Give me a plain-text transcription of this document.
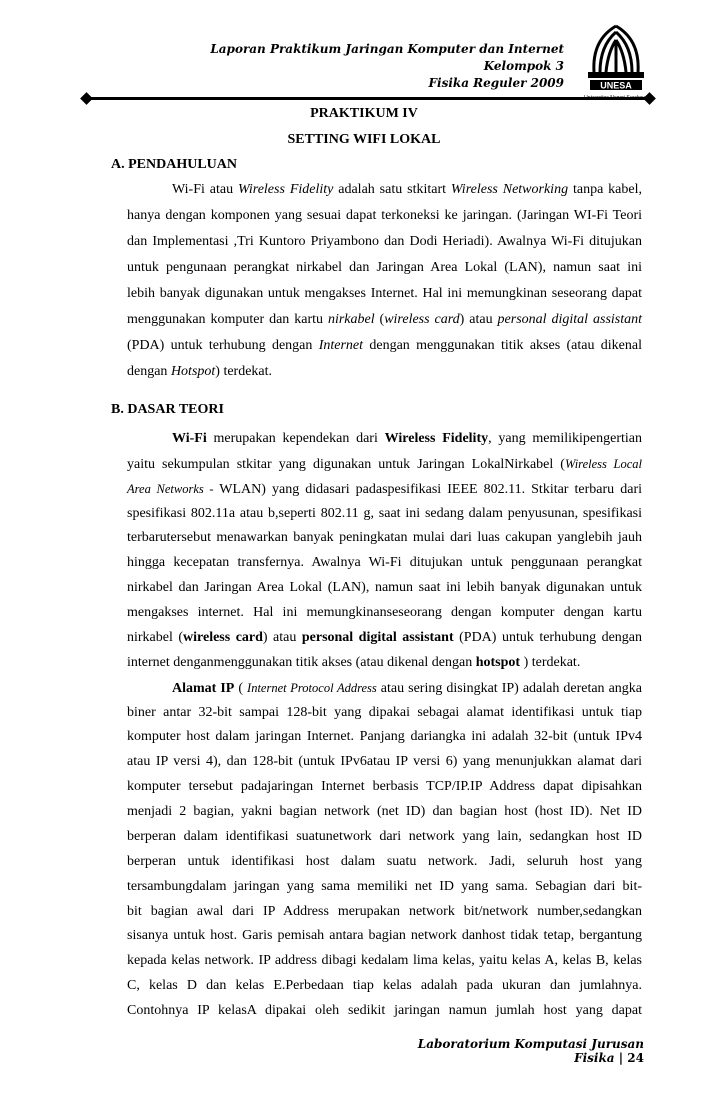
Laporan Praktikum Jaringan Komputer dan Internet
Kelompok 3
Fisika Reguler 2009	UNESA
PRAKTIKUM IV
SETTING WIFI LOKAL
A. PENDAHULUAN
Wi-Fi atau Wireless Fidelity adalah satu stkitart Wireless Networking tanpa kabel,
hanya dengan komponen yang sesuai dapat terkoneksi ke jaringan. (Jaringan WI-Fi Teori
dan Implementasi ,Tri Kuntoro Priyambono dan Dodi Heriadi). Awalnya Wi-Fi ditujukan
untuk pengunaan perangkat nirkabel dan Jaringan Area Lokal (LAN), namun saat ini
lebih banyak digunakan untuk mengakses Internet. Hal ini memungkinan seseorang dapat
menggunakan komputer dan kartu nirkabel (wireless card) atau personal digital assistant
(PDA) untuk terhubung dengan Internet dengan menggunakan titik akses (atau dikenal
dengan Hotspot) terdekat.
B. DASAR TEORI
Wi-Fi merupakan kependekan dari Wireless Fidelity, yang memilikipengertian
yaitu sekumpulan stkitar yang digunakan untuk Jaringan LokalNirkabel (Wireless Local
Area Networks - WLAN) yang didasari padaspesifikasi IEEE 802.11. Stkitar terbaru dari
spesifikasi 802.11a atau b,seperti 802.11 g, saat ini sedang dalam penyusunan, spesifikasi
terbarutersebut menawarkan banyak peningkatan mulai dari luas cakupan yanglebih jauh
hingga kecepatan transfernya. Awalnya Wi-Fi ditujukan untuk penggunaan perangkat
nirkabel dan Jaringan Area Lokal (LAN), namun saat ini lebih banyak digunakan untuk
mengakses internet. Hal ini memungkinanseseorang dengan komputer dengan kartu
nirkabel (wireless card) atau personal digital assistant (PDA) untuk terhubung dengan
internet denganmenggunakan titik akses (atau dikenal dengan hotspot ) terdekat.
Alamat IP ( Internet Protocol Address atau sering disingkat IP) adalah deretan angka
biner antar 32-bit sampai 128-bit yang dipakai sebagai alamat identifikasi untuk tiap
komputer host dalam jaringan Internet. Panjang dariangka ini adalah 32-bit (untuk IPv4
atau IP versi 4), dan 128-bit (untuk IPv6atau IP versi 6) yang menunjukkan alamat dari
komputer tersebut padajaringan Internet berbasis TCP/IP.IP Address dapat dipisahkan
menjadi 2 bagian, yakni bagian network (net ID) dan bagian host (host ID). Net ID
berperan dalam identifikasi suatunetwork dari network yang lain, sedangkan host ID
berperan untuk identifikasi host dalam suatu network. Jadi, seluruh host yang
tersambungdalam jaringan yang sama memiliki net ID yang sama. Sebagian dari bit-
bit bagian awal dari IP Address merupakan network bit/network number,sedangkan
sisanya untuk host. Garis pemisah antara bagian network danhost tidak tetap, bergantung
kepada kelas network. IP address dibagi kedalam lima kelas, yaitu kelas A, kelas B, kelas
C, kelas D dan kelas E.Perbedaan tiap kelas adalah pada ukuran dan jumlahnya.
Laboratorium Komputasi Jurusan Fisika | 24
Contohnya IP kelasA dipakai oleh sedikit jaringan namun jumlah host yang dapat
